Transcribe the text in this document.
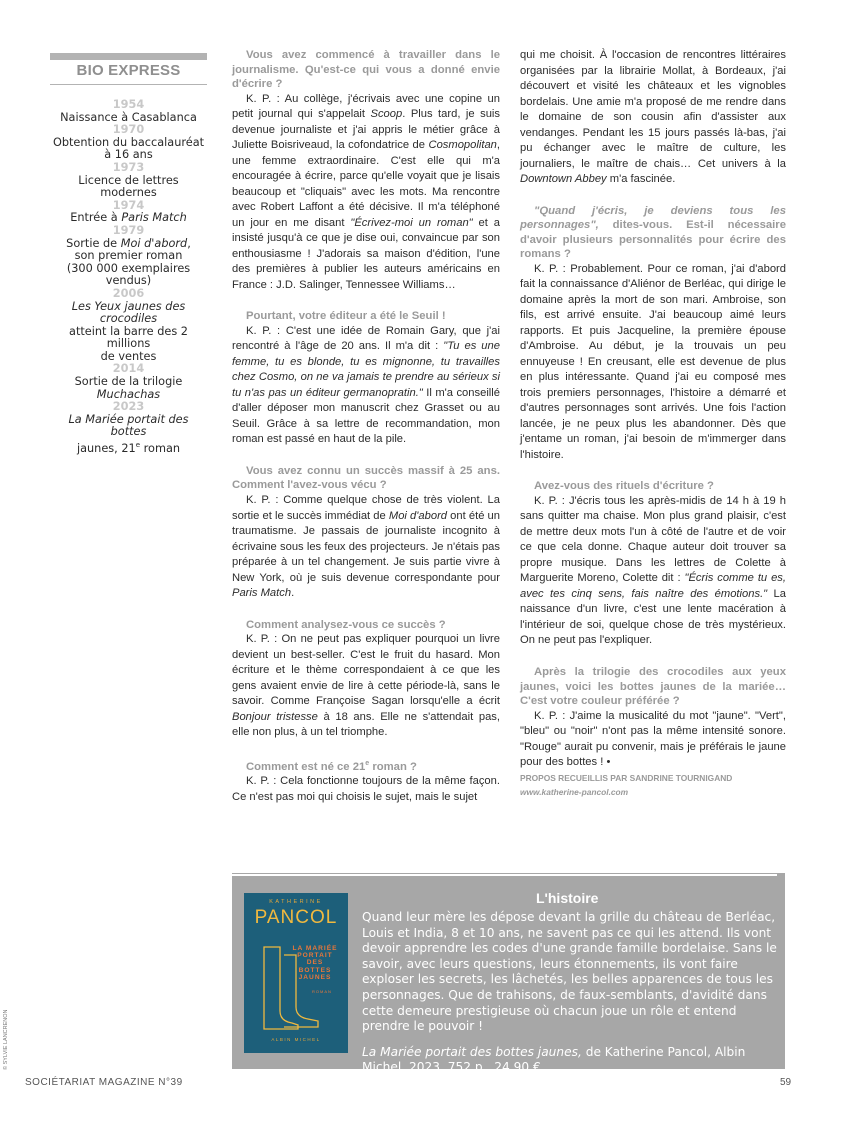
BIO EXPRESS
1954
Naissance à Casablanca
1970
Obtention du baccalauréat
à 16 ans
1973
Licence de lettres modernes
1974
Entrée à Paris Match
1979
Sortie de Moi d'abord,
son premier roman
(300 000 exemplaires vendus)
2006
Les Yeux jaunes des crocodiles
atteint la barre des 2 millions
de ventes
2014
Sortie de la trilogie Muchachas
2023
La Mariée portait des bottes
jaunes, 21e roman

Vous avez commencé à travailler dans le journalisme. Qu'est-ce qui vous a donné envie d'écrire ?

K. P. : Au collège, j'écrivais avec une copine un petit journal qui s'appelait Scoop. Plus tard, je suis devenue journaliste et j'ai appris le métier grâce à Juliette Boisriveaud, la cofondatrice de Cosmopolitan, une femme extraordinaire. C'est elle qui m'a encouragée à écrire, parce qu'elle voyait que je lisais beaucoup et "cliquais" avec les mots. Ma rencontre avec Robert Laffont a été décisive. Il m'a téléphoné un jour en me disant "Écrivez-moi un roman" et a insisté jusqu'à ce que je dise oui, convaincue par son enthousiasme ! J'adorais sa maison d'édition, l'une des premières à publier les auteurs américains en France : J.D. Salinger, Tennessee Williams…

Pourtant, votre éditeur a été le Seuil !

K. P. : C'est une idée de Romain Gary, que j'ai rencontré à l'âge de 20 ans. Il m'a dit : "Tu es une femme, tu es blonde, tu es mignonne, tu travailles chez Cosmo, on ne va jamais te prendre au sérieux si tu n'as pas un éditeur germanopratin." Il m'a conseillé d'aller déposer mon manuscrit chez Grasset ou au Seuil. Grâce à sa lettre de recommandation, mon roman est passé en haut de la pile.

Vous avez connu un succès massif à 25 ans. Comment l'avez-vous vécu ?

K. P. : Comme quelque chose de très violent. La sortie et le succès immédiat de Moi d'abord ont été un traumatisme. Je passais de journaliste incognito à écrivaine sous les feux des projecteurs. Je n'étais pas préparée à un tel changement. Je suis partie vivre à New York, où je suis devenue correspondante pour Paris Match.

Comment analysez-vous ce succès ?

K. P. : On ne peut pas expliquer pourquoi un livre devient un best-seller. C'est le fruit du hasard. Mon écriture et le thème correspondaient à ce que les gens avaient envie de lire à cette période-là, sans le savoir. Comme Françoise Sagan lorsqu'elle a écrit Bonjour tristesse à 18 ans. Elle ne s'attendait pas, elle non plus, à un tel triomphe.

Comment est né ce 21e roman ?

K. P. : Cela fonctionne toujours de la même façon. Ce n'est pas moi qui choisis le sujet, mais le sujet

qui me choisit. À l'occasion de rencontres littéraires organisées par la librairie Mollat, à Bordeaux, j'ai découvert et visité les châteaux et les vignobles bordelais. Une amie m'a proposé de me rendre dans le domaine de son cousin afin d'assister aux vendanges. Pendant les 15 jours passés là-bas, j'ai pu échanger avec le maître de culture, les journaliers, le maître de chais… Cet univers à la Downtown Abbey m'a fascinée.

"Quand j'écris, je deviens tous les personnages", dites-vous. Est-il nécessaire d'avoir plusieurs personnalités pour écrire des romans ?

K. P. : Probablement. Pour ce roman, j'ai d'abord fait la connaissance d'Aliénor de Berléac, qui dirige le domaine après la mort de son mari. Ambroise, son fils, est arrivé ensuite. J'ai beaucoup aimé leurs rapports. Et puis Jacqueline, la première épouse d'Ambroise. Au début, je la trouvais un peu ennuyeuse ! En creusant, elle est devenue de plus en plus intéressante. Quand j'ai eu composé mes trois premiers personnages, l'histoire a démarré et d'autres personnages sont arrivés. Une fois l'action lancée, je ne peux plus les abandonner. Dès que j'entame un roman, j'ai besoin de m'immerger dans l'histoire.

Avez-vous des rituels d'écriture ?

K. P. : J'écris tous les après-midis de 14 h à 19 h sans quitter ma chaise. Mon plus grand plaisir, c'est de mettre deux mots l'un à côté de l'autre et de voir ce que cela donne. Chaque auteur doit trouver sa propre musique. Dans les lettres de Colette à Marguerite Moreno, Colette dit : "Écris comme tu es, avec tes cinq sens, fais naître des émotions." La naissance d'un livre, c'est une lente macération à l'intérieur de soi, quelque chose de très mystérieux. On ne peut pas l'expliquer.

Après la trilogie des crocodiles aux yeux jaunes, voici les bottes jaunes de la mariée… C'est votre couleur préférée ?

K. P. : J'aime la musicalité du mot "jaune". "Vert", "bleu" ou "noir" n'ont pas la même intensité sonore. "Rouge" aurait pu convenir, mais je préférais le jaune pour des bottes ! •

PROPOS RECUEILLIS PAR SANDRINE TOURNIGAND
www.katherine-pancol.com
KATHERINE
PANCOL
LA MARIÉE PORTAIT DES BOTTES JAUNES
ROMAN
ALBIN MICHEL
L'histoire
Quand leur mère les dépose devant la grille du château de Berléac, Louis et India, 8 et 10 ans, ne savent pas ce qui les attend. Ils vont devoir apprendre les codes d'une grande famille bordelaise. Sans le savoir, avec leurs questions, leurs étonnements, ils vont faire exploser les secrets, les lâchetés, les belles apparences de tous les personnages. Que de trahisons, de faux-semblants, d'avidité dans cette demeure prestigieuse où chacun joue un rôle et entend prendre le pouvoir !
La Mariée portait des bottes jaunes, de Katherine Pancol, Albin Michel, 2023, 752 p., 24,90 €.
SOCIÉTARIAT MAGAZINE N°39	59
© SYLVIE LANCRENON
